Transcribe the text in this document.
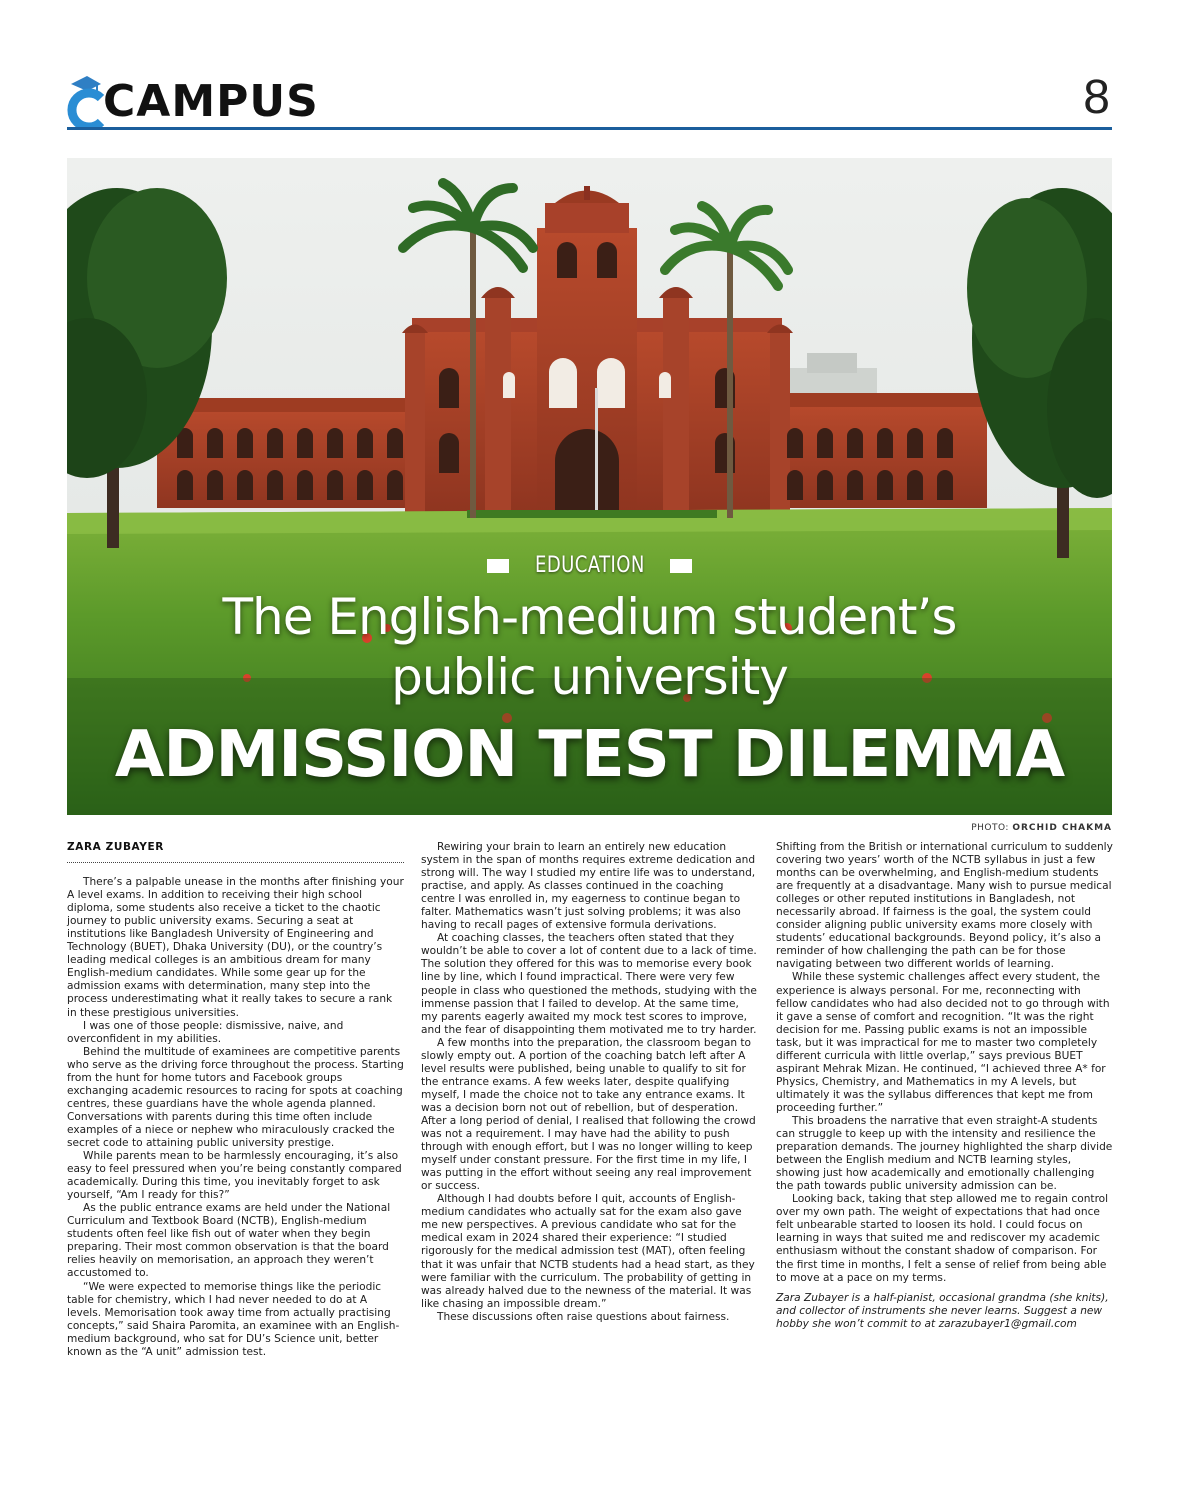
CAMPUS	8
EDUCATION
The English-medium student’s
public university
ADMISSION TEST DILEMMA
PHOTO: ORCHID CHAKMA
ZARA ZUBAYER

There’s a palpable unease in the months after finishing your A level exams. In addition to receiving their high school diploma, some students also receive a ticket to the chaotic journey to public university exams. Securing a seat at institutions like Bangladesh University of Engineering and Technology (BUET), Dhaka University (DU), or the country’s leading medical colleges is an ambitious dream for many English-medium candidates. While some gear up for the admission exams with determination, many step into the process underestimating what it really takes to secure a rank in these prestigious universities.

I was one of those people: dismissive, naive, and overconfident in my abilities.

Behind the multitude of examinees are competitive parents who serve as the driving force throughout the process. Starting from the hunt for home tutors and Facebook groups exchanging academic resources to racing for spots at coaching centres, these guardians have the whole agenda planned. Conversations with parents during this time often include examples of a niece or nephew who miraculously cracked the secret code to attaining public university prestige.

While parents mean to be harmlessly encouraging, it’s also easy to feel pressured when you’re being constantly compared academically. During this time, you inevitably forget to ask yourself, “Am I ready for this?”

As the public entrance exams are held under the National Curriculum and Textbook Board (NCTB), English-medium students often feel like fish out of water when they begin preparing. Their most common observation is that the board relies heavily on memorisation, an approach they weren’t accustomed to.

“We were expected to memorise things like the periodic table for chemistry, which I had never needed to do at A levels. Memorisation took away time from actually practising concepts,” said Shaira Paromita, an examinee with an English-medium background, who sat for DU’s Science unit, better known as the “A unit” admission test.

Rewiring your brain to learn an entirely new education system in the span of months requires extreme dedication and strong will. The way I studied my entire life was to understand, practise, and apply. As classes continued in the coaching centre I was enrolled in, my eagerness to continue began to falter. Mathematics wasn’t just solving problems; it was also having to recall pages of extensive formula derivations.

At coaching classes, the teachers often stated that they wouldn’t be able to cover a lot of content due to a lack of time. The solution they offered for this was to memorise every book line by line, which I found impractical. There were very few people in class who questioned the methods, studying with the immense passion that I failed to develop. At the same time, my parents eagerly awaited my mock test scores to improve, and the fear of disappointing them motivated me to try harder.

A few months into the preparation, the classroom began to slowly empty out. A portion of the coaching batch left after A level results were published, being unable to qualify to sit for the entrance exams. A few weeks later, despite qualifying myself, I made the choice not to take any entrance exams. It was a decision born not out of rebellion, but of desperation. After a long period of denial, I realised that following the crowd was not a requirement. I may have had the ability to push through with enough effort, but I was no longer willing to keep myself under constant pressure. For the first time in my life, I was putting in the effort without seeing any real improvement or success.

Although I had doubts before I quit, accounts of English-medium candidates who actually sat for the exam also gave me new perspectives. A previous candidate who sat for the medical exam in 2024 shared their experience: “I studied rigorously for the medical admission test (MAT), often feeling that it was unfair that NCTB students had a head start, as they were familiar with the curriculum. The probability of getting in was already halved due to the newness of the material. It was like chasing an impossible dream.”

These discussions often raise questions about fairness.

Shifting from the British or international curriculum to suddenly covering two years’ worth of the NCTB syllabus in just a few months can be overwhelming, and English-medium students are frequently at a disadvantage. Many wish to pursue medical colleges or other reputed institutions in Bangladesh, not necessarily abroad. If fairness is the goal, the system could consider aligning public university exams more closely with students’ educational backgrounds. Beyond policy, it’s also a reminder of how challenging the path can be for those navigating between two different worlds of learning.

While these systemic challenges affect every student, the experience is always personal. For me, reconnecting with fellow candidates who had also decided not to go through with it gave a sense of comfort and recognition. “It was the right decision for me. Passing public exams is not an impossible task, but it was impractical for me to master two completely different curricula with little overlap,” says previous BUET aspirant Mehrak Mizan. He continued, “I achieved three A* for Physics, Chemistry, and Mathematics in my A levels, but ultimately it was the syllabus differences that kept me from proceeding further.”

This broadens the narrative that even straight-A students can struggle to keep up with the intensity and resilience the preparation demands. The journey highlighted the sharp divide between the English medium and NCTB learning styles, showing just how academically and emotionally challenging the path towards public university admission can be.

Looking back, taking that step allowed me to regain control over my own path. The weight of expectations that had once felt unbearable started to loosen its hold. I could focus on learning in ways that suited me and rediscover my academic enthusiasm without the constant shadow of comparison. For the first time in months, I felt a sense of relief from being able to move at a pace on my terms.

Zara Zubayer is a half-pianist, occasional grandma (she knits), and collector of instruments she never learns. Suggest a new hobby she won’t commit to at zarazubayer1@gmail.com
